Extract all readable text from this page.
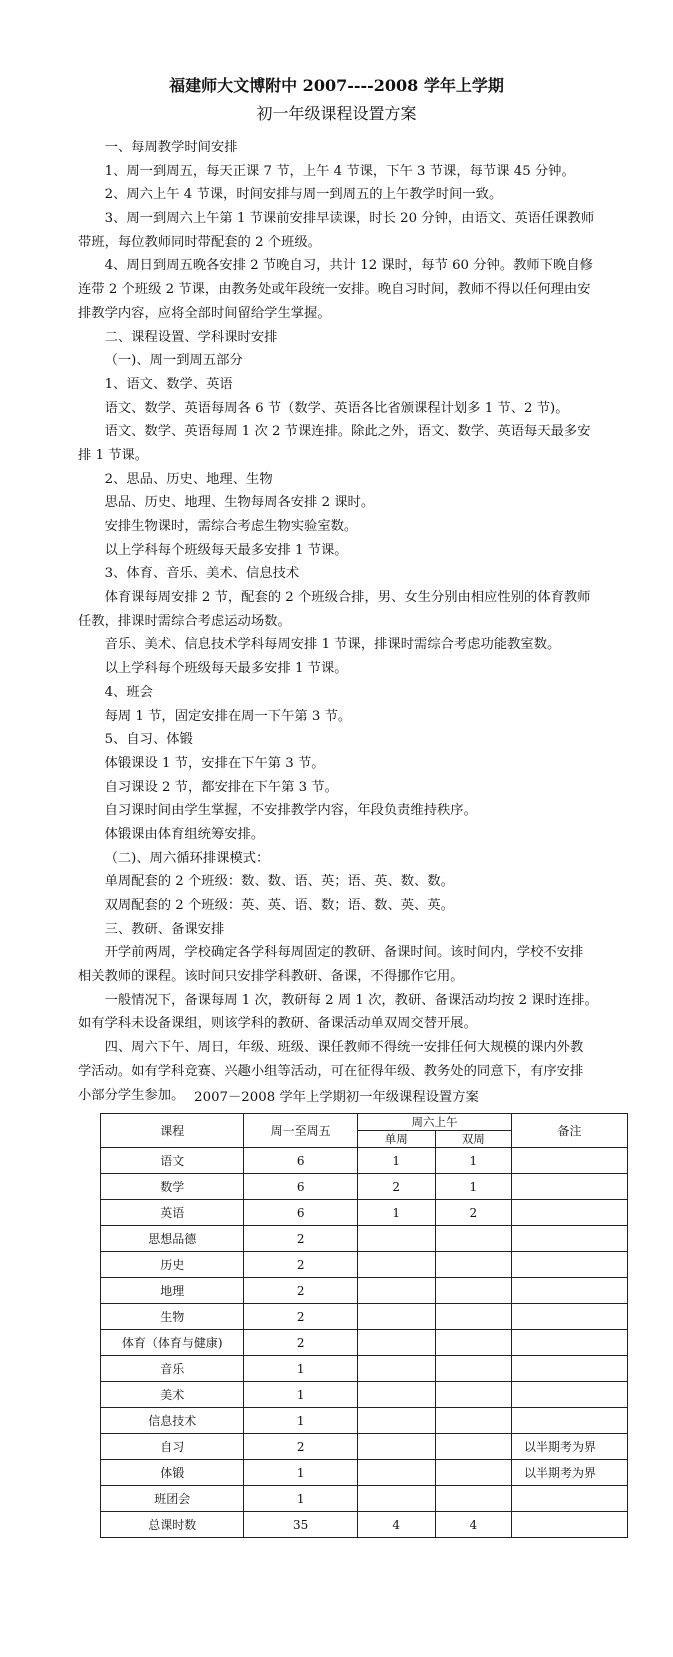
福建师大文博附中 2007----2008 学年上学期
初一年级课程设置方案
一、每周教学时间安排
1、周一到周五，每天正课 7 节，上午 4 节课，下午 3 节课，每节课 45 分钟。
2、周六上午 4 节课，时间安排与周一到周五的上午教学时间一致。
3、周一到周六上午第 1 节课前安排早读课，时长 20 分钟，由语文、英语任课教师
带班，每位教师同时带配套的 2 个班级。
4、周日到周五晚各安排 2 节晚自习，共计 12 课时，每节 60 分钟。教师下晚自修
连带 2 个班级 2 节课，由教务处或年段统一安排。晚自习时间，教师不得以任何理由安
排教学内容，应将全部时间留给学生掌握。
二、课程设置、学科课时安排
（一)、周一到周五部分
1、语文、数学、英语
语文、数学、英语每周各 6 节（数学、英语各比省颁课程计划多 1 节、2 节)。
语文、数学、英语每周 1 次 2 节课连排。除此之外，语文、数学、英语每天最多安
排 1 节课。
2、思品、历史、地理、生物
思品、历史、地理、生物每周各安排 2 课时。
安排生物课时，需综合考虑生物实验室数。
以上学科每个班级每天最多安排 1 节课。
3、体育、音乐、美术、信息技术
体育课每周安排 2 节，配套的 2 个班级合排，男、女生分别由相应性别的体育教师
任教，排课时需综合考虑运动场数。
音乐、美术、信息技术学科每周安排 1 节课，排课时需综合考虑功能教室数。
以上学科每个班级每天最多安排 1 节课。
4、班会
每周 1 节，固定安排在周一下午第 3 节。
5、自习、体锻
体锻课设 1 节，安排在下午第 3 节。
自习课设 2 节，都安排在下午第 3 节。
自习课时间由学生掌握，不安排教学内容，年段负责维持秩序。
体锻课由体育组统筹安排。
（二)、周六循环排课模式：
单周配套的 2 个班级：数、数、语、英；语、英、数、数。
双周配套的 2 个班级：英、英、语、数；语、数、英、英。
三、教研、备课安排
开学前两周，学校确定各学科每周固定的教研、备课时间。该时间内，学校不安排
相关教师的课程。该时间只安排学科教研、备课，不得挪作它用。
一般情况下，备课每周 1 次，教研每 2 周 1 次，教研、备课活动均按 2 课时连排。
如有学科未设备课组，则该学科的教研、备课活动单双周交替开展。
四、周六下午、周日，年级、班级、课任教师不得统一安排任何大规模的课内外教
学活动。如有学科竞赛、兴趣小组等活动，可在征得年级、教务处的同意下，有序安排
小部分学生参加。 2007－2008 学年上学期初一年级课程设置方案
课程	周一至周五	周六上午		备注
		单周	双周	
语文	6	1	1	
数学	6	2	1	
英语	6	1	2	
思想品德	2			
历史	2			
地理	2			
生物	2			
体育（体育与健康)	2			
音乐	1			
美术	1			
信息技术	1			
自习	2			以半期考为界
体锻	1			以半期考为界
班团会	1			
总课时数	35	4	4	
